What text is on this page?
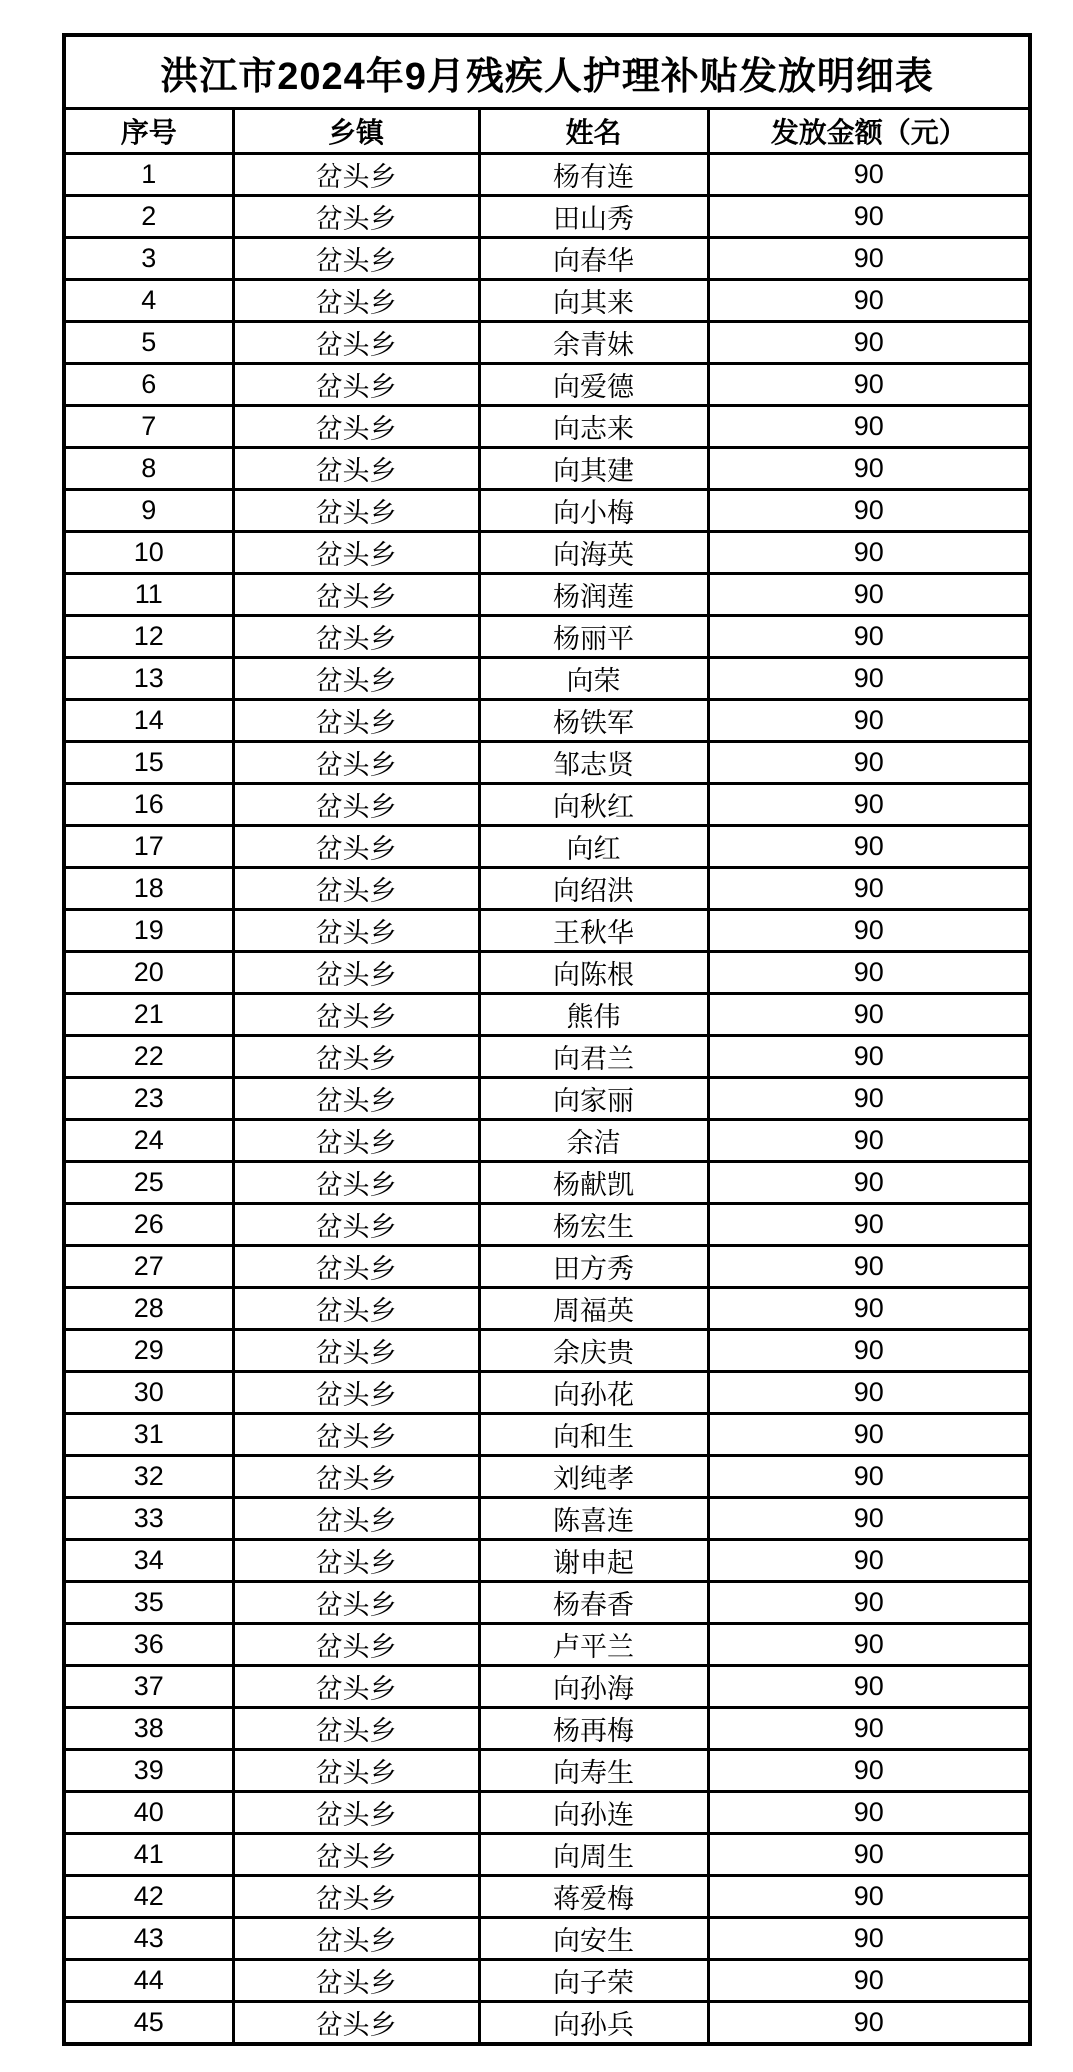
洪江市2024年9月残疾人护理补贴发放明细表			
序号	乡镇	姓名	发放金额（元）
1	岔头乡	杨有连	90
2	岔头乡	田山秀	90
3	岔头乡	向春华	90
4	岔头乡	向其来	90
5	岔头乡	余青妹	90
6	岔头乡	向爱德	90
7	岔头乡	向志来	90
8	岔头乡	向其建	90
9	岔头乡	向小梅	90
10	岔头乡	向海英	90
11	岔头乡	杨润莲	90
12	岔头乡	杨丽平	90
13	岔头乡	向荣	90
14	岔头乡	杨铁军	90
15	岔头乡	邹志贤	90
16	岔头乡	向秋红	90
17	岔头乡	向红	90
18	岔头乡	向绍洪	90
19	岔头乡	王秋华	90
20	岔头乡	向陈根	90
21	岔头乡	熊伟	90
22	岔头乡	向君兰	90
23	岔头乡	向家丽	90
24	岔头乡	余洁	90
25	岔头乡	杨献凯	90
26	岔头乡	杨宏生	90
27	岔头乡	田方秀	90
28	岔头乡	周福英	90
29	岔头乡	余庆贵	90
30	岔头乡	向孙花	90
31	岔头乡	向和生	90
32	岔头乡	刘纯孝	90
33	岔头乡	陈喜连	90
34	岔头乡	谢申起	90
35	岔头乡	杨春香	90
36	岔头乡	卢平兰	90
37	岔头乡	向孙海	90
38	岔头乡	杨再梅	90
39	岔头乡	向寿生	90
40	岔头乡	向孙连	90
41	岔头乡	向周生	90
42	岔头乡	蒋爱梅	90
43	岔头乡	向安生	90
44	岔头乡	向子荣	90
45	岔头乡	向孙兵	90
